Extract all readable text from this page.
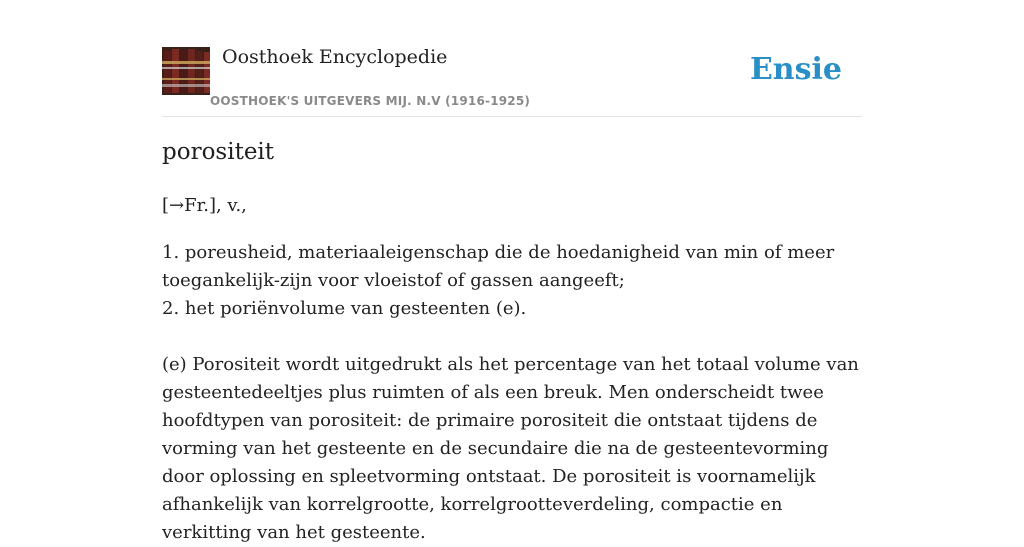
Oosthoek Encyclopedie
OOSTHOEK'S UITGEVERS MIJ. N.V (1916-1925)
Ensie
porositeit

[→Fr.], v.,

1. poreusheid, materiaaleigenschap die de hoedanigheid van min of meer toegankelijk-zijn voor vloeistof of gassen aangeeft;

2. het poriënvolume van gesteenten (e).

(e) Porositeit wordt uitgedrukt als het percentage van het totaal volume van gesteentedeeltjes plus ruimten of als een breuk. Men onderscheidt twee hoofdtypen van porositeit: de primaire porositeit die ontstaat tijdens de vorming van het gesteente en de secundaire die na de gesteentevorming door oplossing en spleetvorming ontstaat. De porositeit is voornamelijk afhankelijk van korrelgrootte, korrelgrootteverdeling, compactie en verkitting van het gesteente.
